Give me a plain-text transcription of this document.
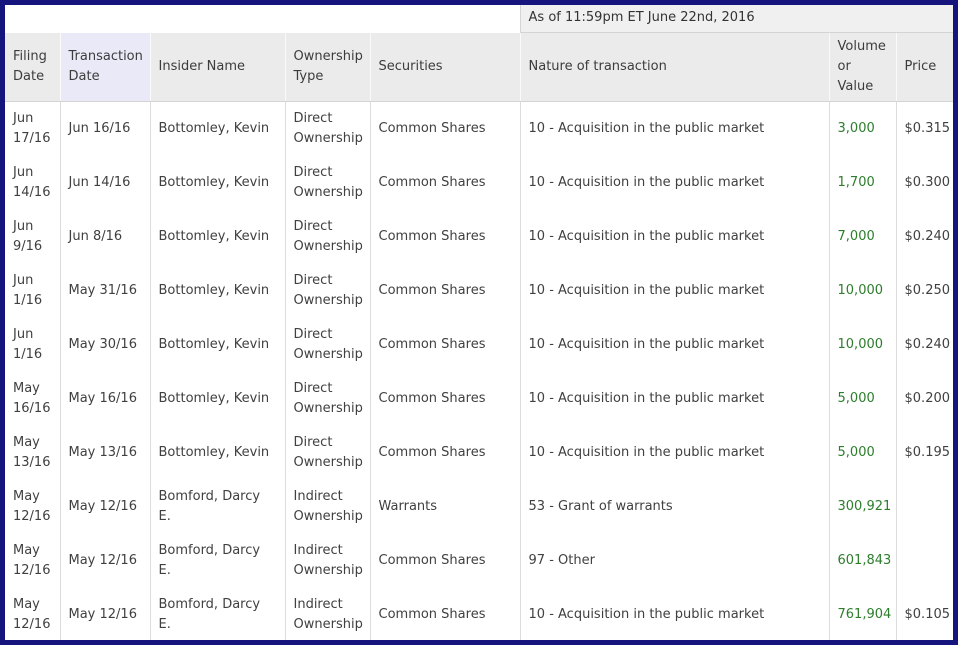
					As of 11:59pm ET June 22nd, 2016		
Filing Date	Transaction Date	Insider Name	Ownership Type	Securities	Nature of transaction	Volume or Value	Price
Jun 17/16	Jun 16/16	Bottomley, Kevin	Direct Ownership	Common Shares	10 - Acquisition in the public market	3,000	$0.315
Jun 14/16	Jun 14/16	Bottomley, Kevin	Direct Ownership	Common Shares	10 - Acquisition in the public market	1,700	$0.300
Jun 9/16	Jun 8/16	Bottomley, Kevin	Direct Ownership	Common Shares	10 - Acquisition in the public market	7,000	$0.240
Jun 1/16	May 31/16	Bottomley, Kevin	Direct Ownership	Common Shares	10 - Acquisition in the public market	10,000	$0.250
Jun 1/16	May 30/16	Bottomley, Kevin	Direct Ownership	Common Shares	10 - Acquisition in the public market	10,000	$0.240
May 16/16	May 16/16	Bottomley, Kevin	Direct Ownership	Common Shares	10 - Acquisition in the public market	5,000	$0.200
May 13/16	May 13/16	Bottomley, Kevin	Direct Ownership	Common Shares	10 - Acquisition in the public market	5,000	$0.195
May 12/16	May 12/16	Bomford, Darcy E.	Indirect Ownership	Warrants	53 - Grant of warrants	300,921	
May 12/16	May 12/16	Bomford, Darcy E.	Indirect Ownership	Common Shares	97 - Other	601,843	
May 12/16	May 12/16	Bomford, Darcy E.	Indirect Ownership	Common Shares	10 - Acquisition in the public market	761,904	$0.105
